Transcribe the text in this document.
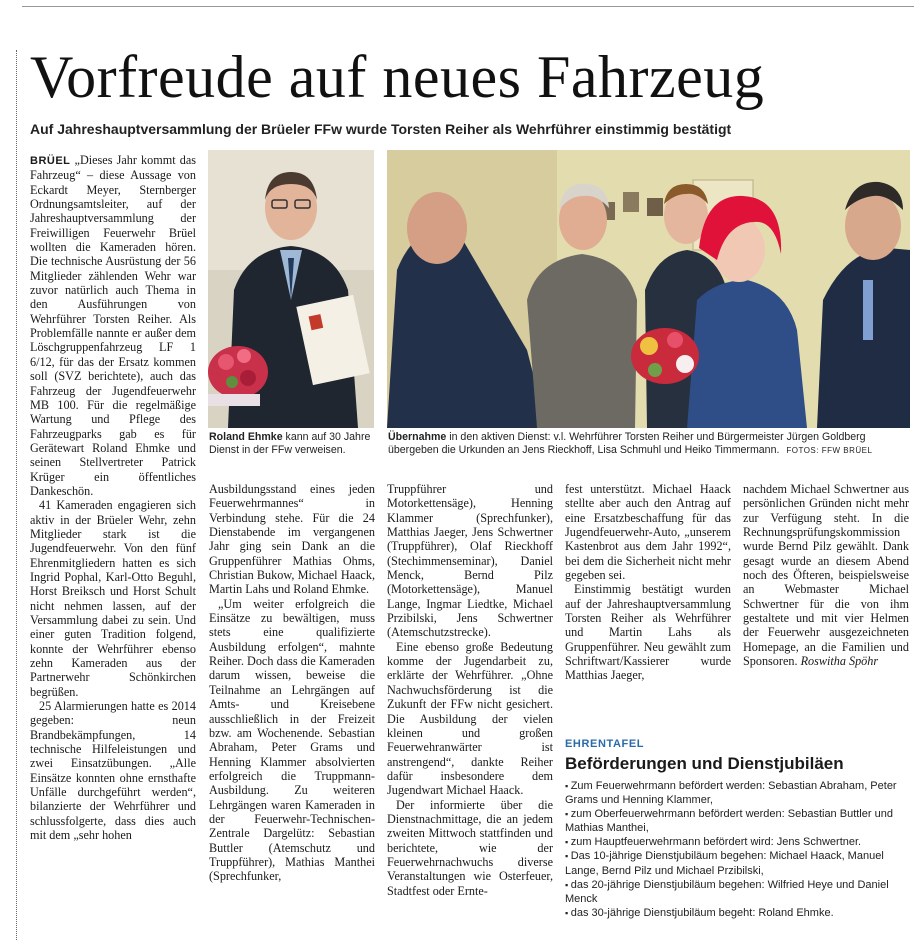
Vorfreude auf neues Fahrzeug
Auf Jahreshauptversammlung der Brüeler FFw wurde Torsten Reiher als Wehrführer einstimmig bestätigt
Roland Ehmke kann auf 30 Jahre Dienst in der FFw verweisen.
Übernahme in den aktiven Dienst: v.l. Wehrführer Torsten Reiher und Bürgermeister Jürgen Goldberg übergeben die Urkunden an Jens Rieckhoff, Lisa Schmuhl und Heiko Timmermann. FOTOS: FFW BRÜEL

BRÜEL „Dieses Jahr kommt das Fahrzeug“ – diese Aussage von Eckardt Meyer, Sternberger Ordnungsamtsleiter, auf der Jahreshauptversammlung der Freiwilligen Feuerwehr Brüel wollten die Kameraden hören. Die technische Ausrüstung der 56 Mitglieder zählenden Wehr war zuvor natürlich auch Thema in den Ausführungen von Wehrführer Torsten Reiher. Als Problemfälle nannte er außer dem Löschgruppenfahrzeug LF 1 6/12, für das der Ersatz kommen soll (SVZ berichtete), auch das Fahrzeug der Jugendfeuerwehr MB 100. Für die regelmäßige Wartung und Pflege des Fahrzeugparks gab es für Gerätewart Roland Ehmke und seinen Stellvertreter Patrick Krüger ein öffentliches Dankeschön.

41 Kameraden engagieren sich aktiv in der Brüeler Wehr, zehn Mitglieder stark ist die Jugendfeuerwehr. Von den fünf Ehrenmitgliedern hatten es sich Ingrid Pophal, Karl-Otto Beguhl, Horst Breiksch und Horst Schult nicht nehmen lassen, auf der Versammlung dabei zu sein. Und einer guten Tradition folgend, konnte der Wehrführer ebenso zehn Kameraden aus der Partnerwehr Schönkirchen begrüßen.

25 Alarmierungen hatte es 2014 gegeben: neun Brandbekämpfungen, 14 technische Hilfeleistungen und zwei Einsatzübungen. „Alle Einsätze konnten ohne ernsthafte Unfälle durchgeführt werden“, bilanzierte der Wehrführer und schlussfolgerte, dass dies auch mit dem „sehr hohen

Ausbildungsstand eines jeden Feuerwehrmannes“ in Verbindung stehe. Für die 24 Dienstabende im vergangenen Jahr ging sein Dank an die Gruppenführer Mathias Ohms, Christian Bukow, Michael Haack, Martin Lahs und Roland Ehmke.

„Um weiter erfolgreich die Einsätze zu bewältigen, muss stets eine qualifizierte Ausbildung erfolgen“, mahnte Reiher. Doch dass die Kameraden darum wissen, beweise die Teilnahme an Lehrgängen auf Amts- und Kreisebene ausschließlich in der Freizeit bzw. am Wochenende. Sebastian Abraham, Peter Grams und Henning Klammer absolvierten erfolgreich die Truppmann-Ausbildung. Zu weiteren Lehrgängen waren Kameraden in der Feuerwehr-Technischen-Zentrale Dargelütz: Sebastian Buttler (Atemschutz und Truppführer), Mathias Manthei (Sprechfunker,

Truppführer und Motorkettensäge), Henning Klammer (Sprechfunker), Matthias Jaeger, Jens Schwertner (Truppführer), Olaf Rieckhoff (Stechimmenseminar), Daniel Menck, Bernd Pilz (Motorkettensäge), Manuel Lange, Ingmar Liedtke, Michael Przibilski, Jens Schwertner (Atemschutzstrecke).

Eine ebenso große Bedeutung komme der Jugendarbeit zu, erklärte der Wehrführer. „Ohne Nachwuchsförderung ist die Zukunft der FFw nicht gesichert. Die Ausbildung der vielen kleinen und großen Feuerwehranwärter ist anstrengend“, dankte Reiher dafür insbesondere dem Jugendwart Michael Haack.

Der informierte über die Dienstnachmittage, die an jedem zweiten Mittwoch stattfinden und berichtete, wie der Feuerwehrnachwuchs diverse Veranstaltungen wie Osterfeuer, Stadtfest oder Ernte-

fest unterstützt. Michael Haack stellte aber auch den Antrag auf eine Ersatzbeschaffung für das Jugendfeuerwehr-Auto, „unserem Kastenbrot aus dem Jahr 1992“, bei dem die Sicherheit nicht mehr gegeben sei.

Einstimmig bestätigt wurden auf der Jahreshauptversammlung Torsten Reiher als Wehrführer und Martin Lahs als Gruppenführer. Neu gewählt zum Schriftwart/Kassierer wurde Matthias Jaeger,

nachdem Michael Schwertner aus persönlichen Gründen nicht mehr zur Verfügung steht. In die Rechnungsprüfungskommission wurde Bernd Pilz gewählt. Dank gesagt wurde an diesem Abend noch des Öfteren, beispielsweise an Webmaster Michael Schwertner für die von ihm gestaltete und mit vier Helmen der Feuerwehr ausgezeichneten Homepage, an die Familien und Sponsoren. Roswitha Spöhr

EHRENTAFEL
Beförderungen und Dienstjubiläen
▪ Zum Feuerwehrmann befördert werden: Sebastian Abraham, Peter Grams und Henning Klammer,
▪ zum Oberfeuerwehrmann befördert werden: Sebastian Buttler und Mathias Manthei,
▪ zum Hauptfeuerwehrmann befördert wird: Jens Schwertner.
▪ Das 10-jährige Dienstjubiläum begehen: Michael Haack, Manuel Lange, Bernd Pilz und Michael Przibilski,
▪ das 20-jährige Dienstjubiläum begehen: Wilfried Heye und Daniel Menck
▪ das 30-jährige Dienstjubiläum begeht: Roland Ehmke.
